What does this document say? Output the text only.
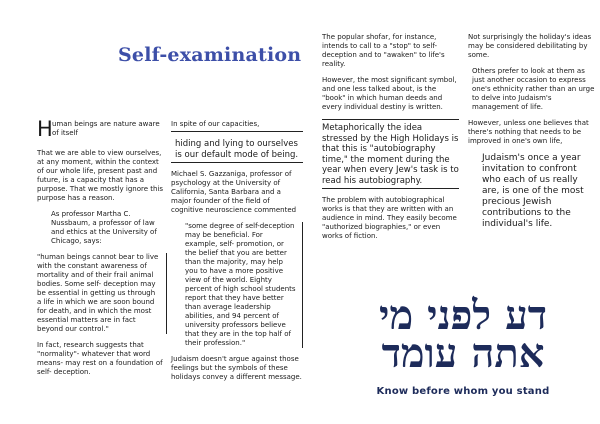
Self-examination
H uman beings are nature aware of itself

That we are able to view ourselves, at any moment, within the context of our whole life, present past and future, is a capacity that has a purpose. That we mostly ignore this purpose has a reason.

As professor Martha C. Nussbaum, a professor of law and ethics at the University of Chicago, says:

"human beings cannot bear to live with the constant awareness of mortality and of their frail animal bodies. Some self- deception may be essential in getting us through a life in which we are soon bound for death, and in which the most essential matters are in fact beyond our control."

In fact, research suggests that "normality"- whatever that word means- may rest on a foundation of self- deception.

In spite of our capacities,

hiding and lying to ourselves is our default mode of being.

Michael S. Gazzaniga, professor of psychology at the University of California, Santa Barbara and a major founder of the field of cognitive neuroscience commented

"some degree of self-deception may be beneficial. For example, self- promotion, or the belief that you are better than the majority, may help you to have a more positive view of the world. Eighty percent of high school students report that they have better than average leadership abilities, and 94 percent of university professors believe that they are in the top half of their profession."

Judaism doesn't argue against those feelings but the symbols of these holidays convey a different message.

The popular shofar, for instance, intends to call to a "stop" to self-deception and to "awaken" to life's reality.

However, the most significant symbol, and one less talked about, is the "book" in which human deeds and every individual destiny is written.

Metaphorically the idea stressed by the High Holidays is that this is "autobiography time," the moment during the year when every Jew's task is to read his autobiography.

The problem with autobiographical works is that they are written with an audience in mind. They easily become "authorized biographies," or even works of fiction.

Not surprisingly the holiday's ideas may be considered debilitating by some.

Others prefer to look at them as just another occasion to express one's ethnicity rather than an urge to delve into Judaism's management of life.

However, unless one believes that there's nothing that needs to be improved in one's own life,

Judaism's once a year invitation to confront who each of us really are, is one of the most precious Jewish contributions to the individual's life.

דע לפני מי
אתה עומד
Know before whom you stand
